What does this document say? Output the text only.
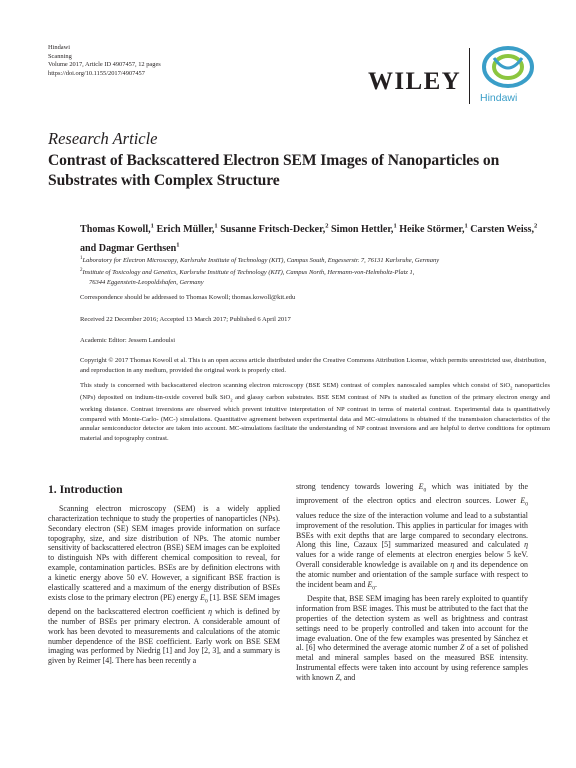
Hindawi
Scanning
Volume 2017, Article ID 4907457, 12 pages
https://doi.org/10.1155/2017/4907457	WILEY
Hindawi
Research Article
Contrast of Backscattered Electron SEM Images of Nanoparticles on Substrates with Complex Structure
Thomas Kowoll,$^1$ Erich Müller,$^1$ Susanne Fritsch-Decker,$^2$ Simon Hettler,$^1$ Heike Störmer,$^1$ Carsten Weiss,$^2$ and Dagmar Gerthsen$^1$
$^1$Laboratory for Electron Microscopy, Karlsruhe Institute of Technology (KIT), Campus South, Engesserstr. 7, 76131 Karlsruhe, Germany
$^2$Institute of Toxicology and Genetics, Karlsruhe Institute of Technology (KIT), Campus North, Hermann-von-Helmholtz-Platz 1,
76344 Eggenstein-Leopoldshafen, Germany
Correspondence should be addressed to Thomas Kowoll; thomas.kowoll@kit.edu
Received 22 December 2016; Accepted 13 March 2017; Published 6 April 2017
Academic Editor: Jessem Landoulsi
Copyright © 2017 Thomas Kowoll et al. This is an open access article distributed under the Creative Commons Attribution License, which permits unrestricted use, distribution, and reproduction in any medium, provided the original work is properly cited.
This study is concerned with backscattered electron scanning electron microscopy (BSE SEM) contrast of complex nanoscaled samples which consist of SiO$_2$ nanoparticles (NPs) deposited on indium-tin-oxide covered bulk SiO$_2$ and glassy carbon substrates. BSE SEM contrast of NPs is studied as function of the primary electron energy and working distance. Contrast inversions are observed which prevent intuitive interpretation of NP contrast in terms of material contrast. Experimental data is quantitatively compared with Monte-Carlo- (MC-) simulations. Quantitative agreement between experimental data and MC-simulations is obtained if the transmission characteristics of the annular semiconductor detector are taken into account. MC-simulations facilitate the understanding of NP contrast inversions and are helpful to derive conditions for optimum material and topography contrast.
1. Introduction

Scanning electron microscopy (SEM) is a widely applied characterization technique to study the properties of nanoparticles (NPs). Secondary electron (SE) SEM images provide information on surface topography, size, and size distribution of NPs. The atomic number sensitivity of backscattered electron (BSE) SEM images can be exploited to distinguish NPs with different chemical composition to reveal, for example, contamination particles. BSEs are by definition electrons with a kinetic energy above 50 eV. However, a significant BSE fraction is elastically scattered and a maximum of the energy distribution of BSEs exists close to the primary electron (PE) energy $E_0$ [1]. BSE SEM images depend on the backscattered electron coefficient η which is defined by the number of BSEs per primary electron. A considerable amount of work has been devoted to measurements and calculations of the atomic number dependence of the BSE coefficient. Early work on BSE SEM imaging was performed by Niedrig [1] and Joy [2, 3], and a summary is given by Reimer [4]. There has been recently a

strong tendency towards lowering $E_0$ which was initiated by the improvement of the electron optics and electron sources. Lower $E_0$ values reduce the size of the interaction volume and lead to a substantial improvement of the resolution. This applies in particular for images with BSEs with exit depths that are large compared to secondary electrons. Along this line, Cazaux [5] summarized measured and calculated η values for a wide range of elements at electron energies below 5 keV. Overall considerable knowledge is available on η and its dependence on the atomic number and orientation of the sample surface with respect to the incident beam and $E_0$.

Despite that, BSE SEM imaging has been rarely exploited to quantify information from BSE images. This must be attributed to the fact that the properties of the detection system as well as brightness and contrast settings need to be properly controlled and taken into account for the image evaluation. One of the few examples was presented by Sánchez et al. [6] who determined the average atomic number Z of a set of polished metal and mineral samples based on the measured BSE intensity. Instrumental effects were taken into account by using reference samples with known Z, and
